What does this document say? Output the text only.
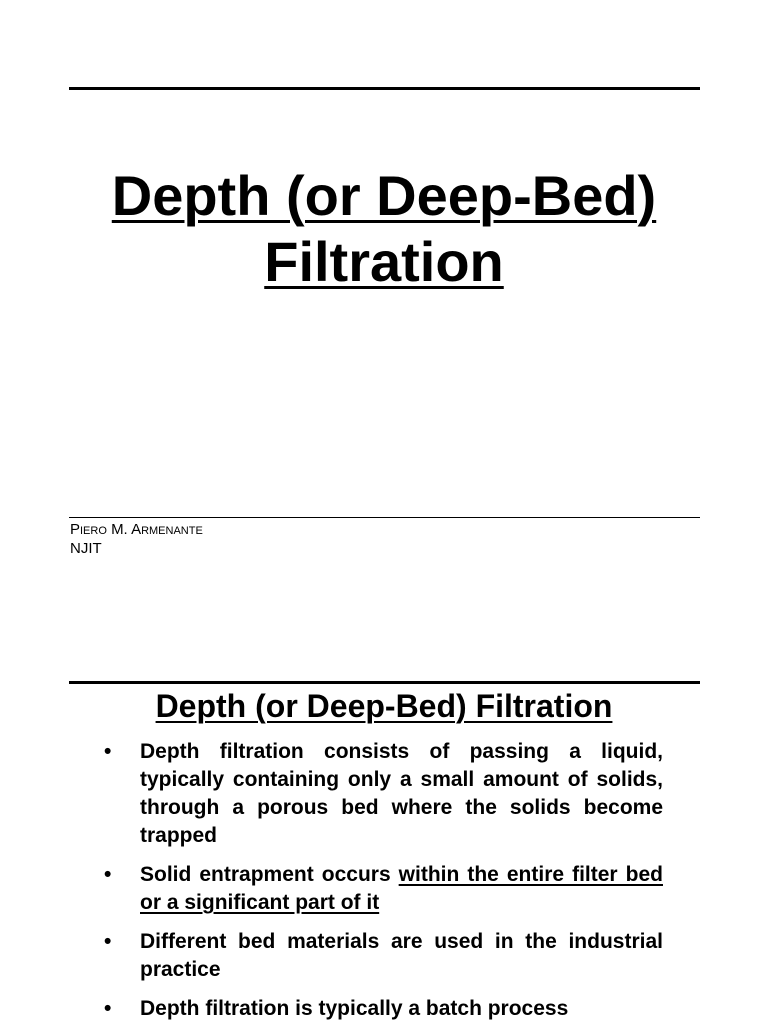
Depth (or Deep-Bed)
Filtration
Piero M. Armenante
NJIT
Depth (or Deep-Bed) Filtration
• Depth filtration consists of passing a liquid, typically containing only a small amount of solids, through a porous bed where the solids become trapped
• Solid entrapment occurs within the entire filter bed or a significant part of it
• Different bed materials are used in the industrial practice
• Depth filtration is typically a batch process
